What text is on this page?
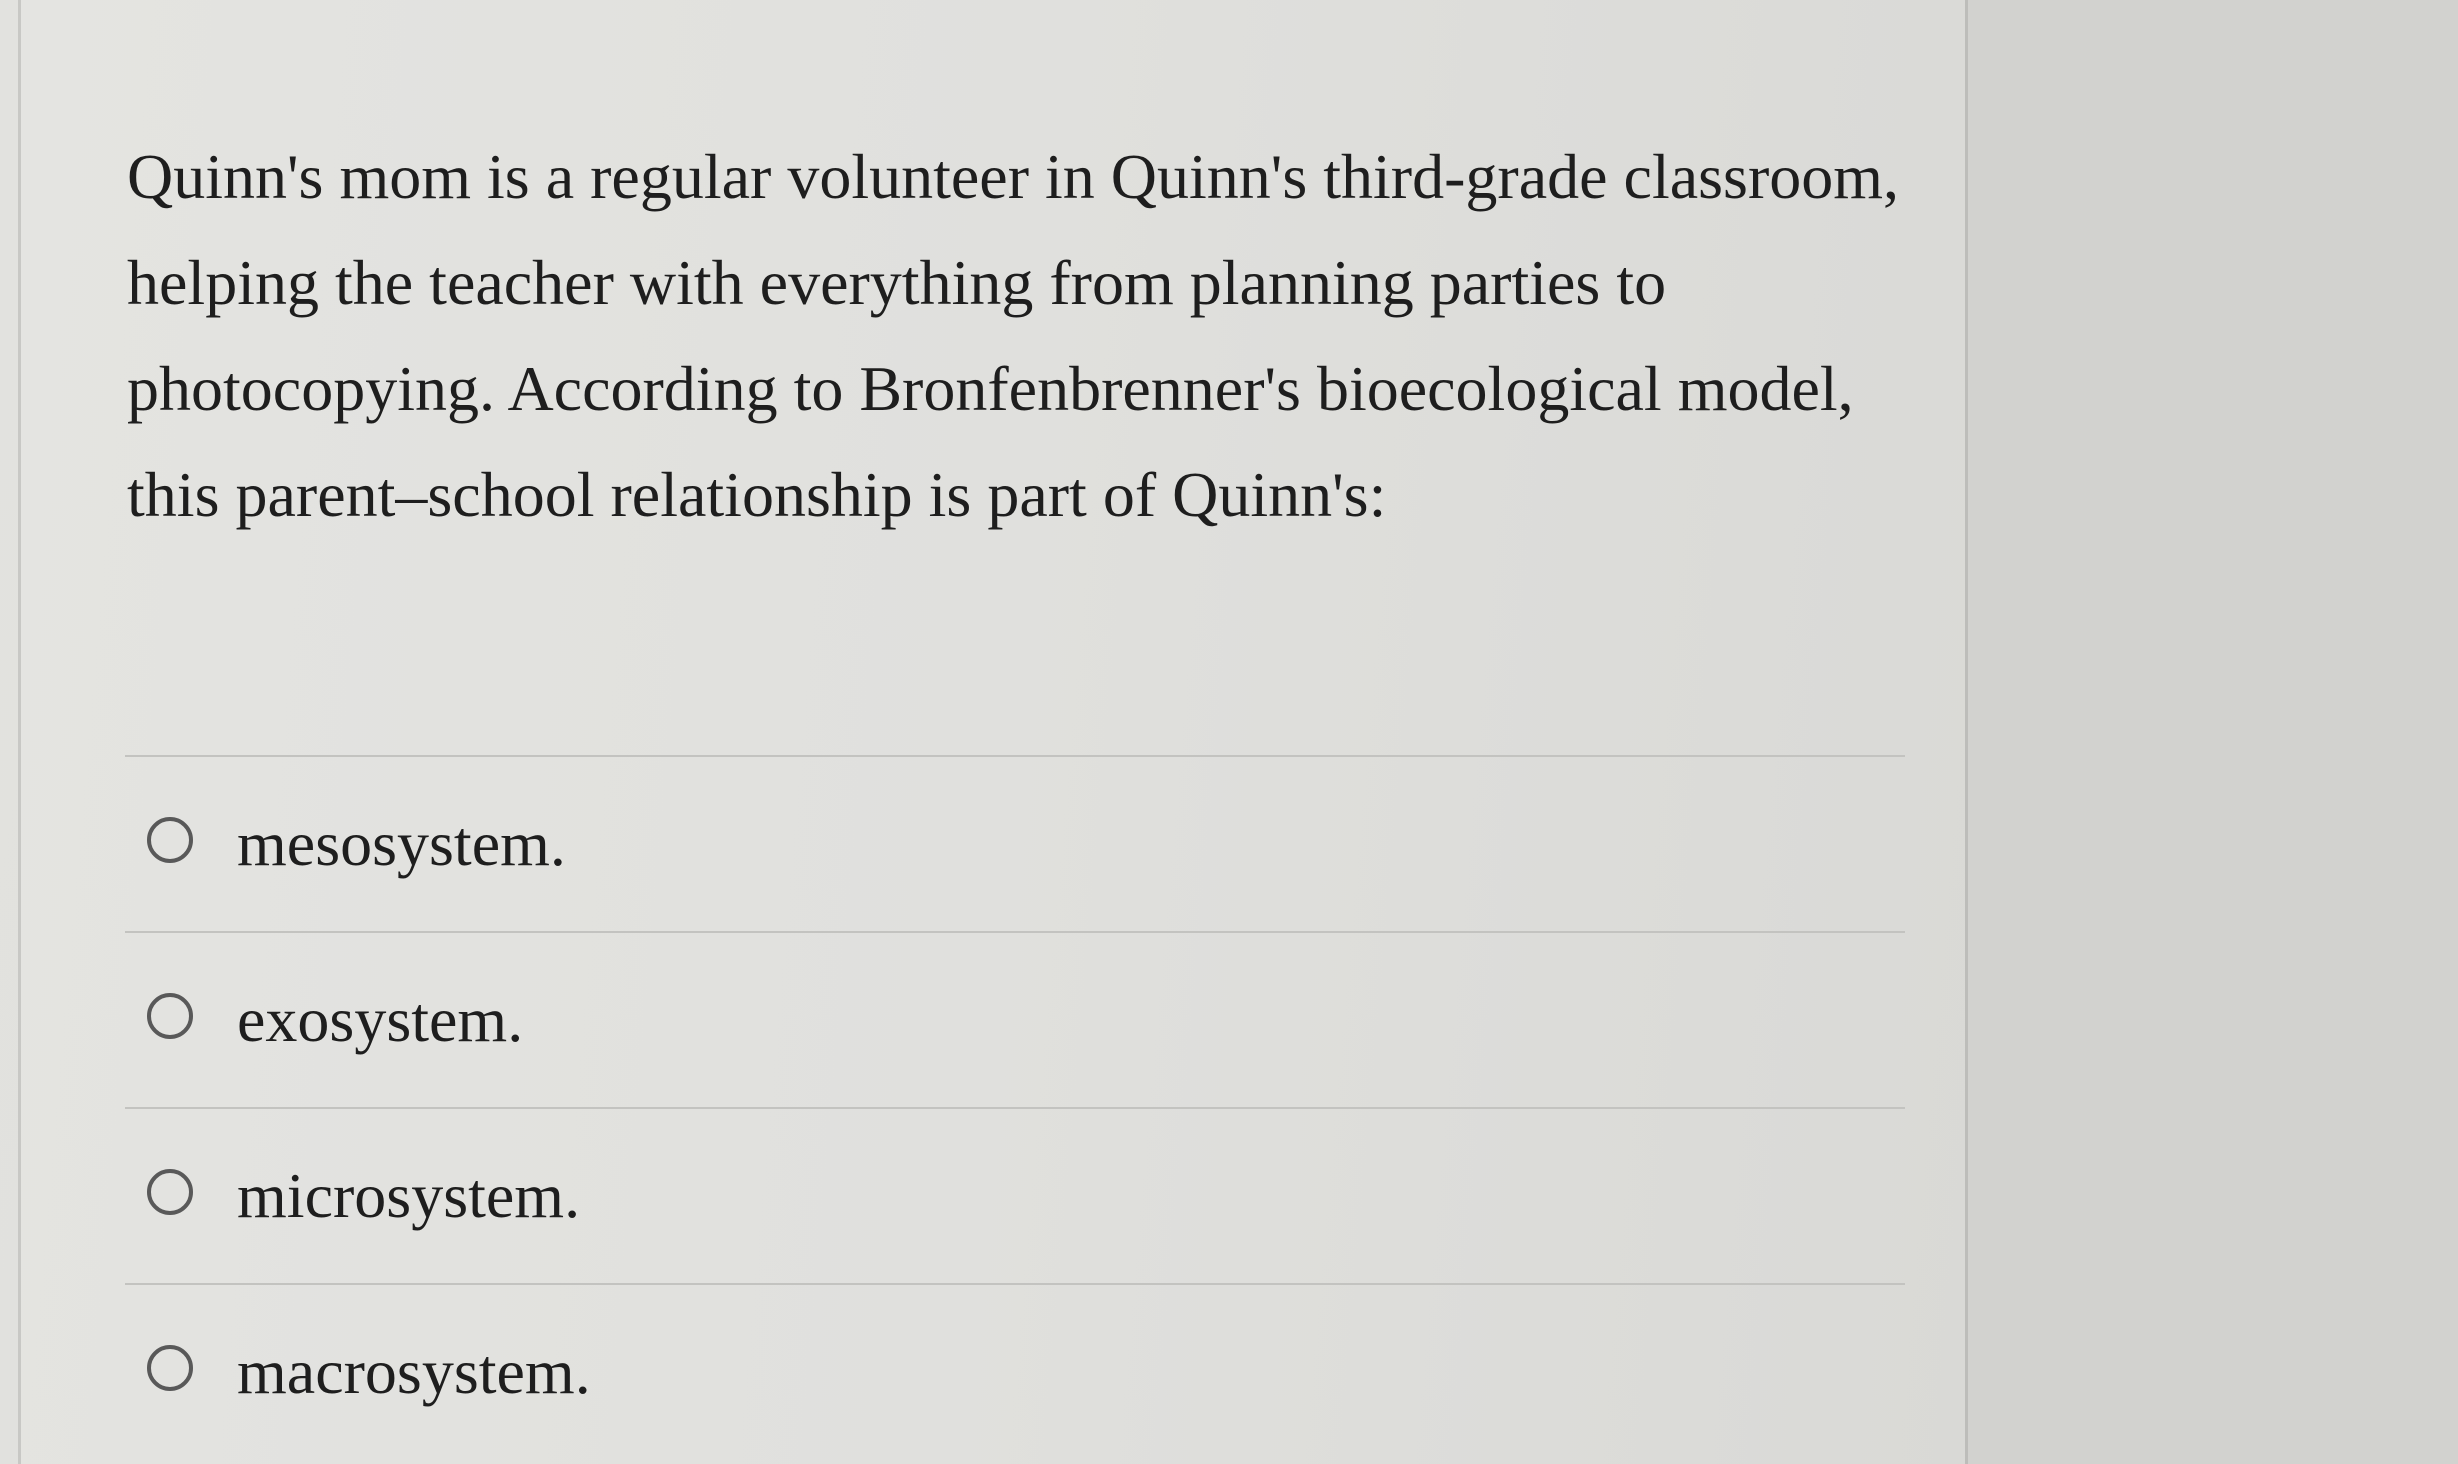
Quinn's mom is a regular volunteer in Quinn's third-grade classroom, helping the teacher with everything from planning parties to photocopying. According to Bronfenbrenner's bioecological model, this parent–school relationship is part of Quinn's:

mesosystem.
exosystem.
microsystem.
macrosystem.
